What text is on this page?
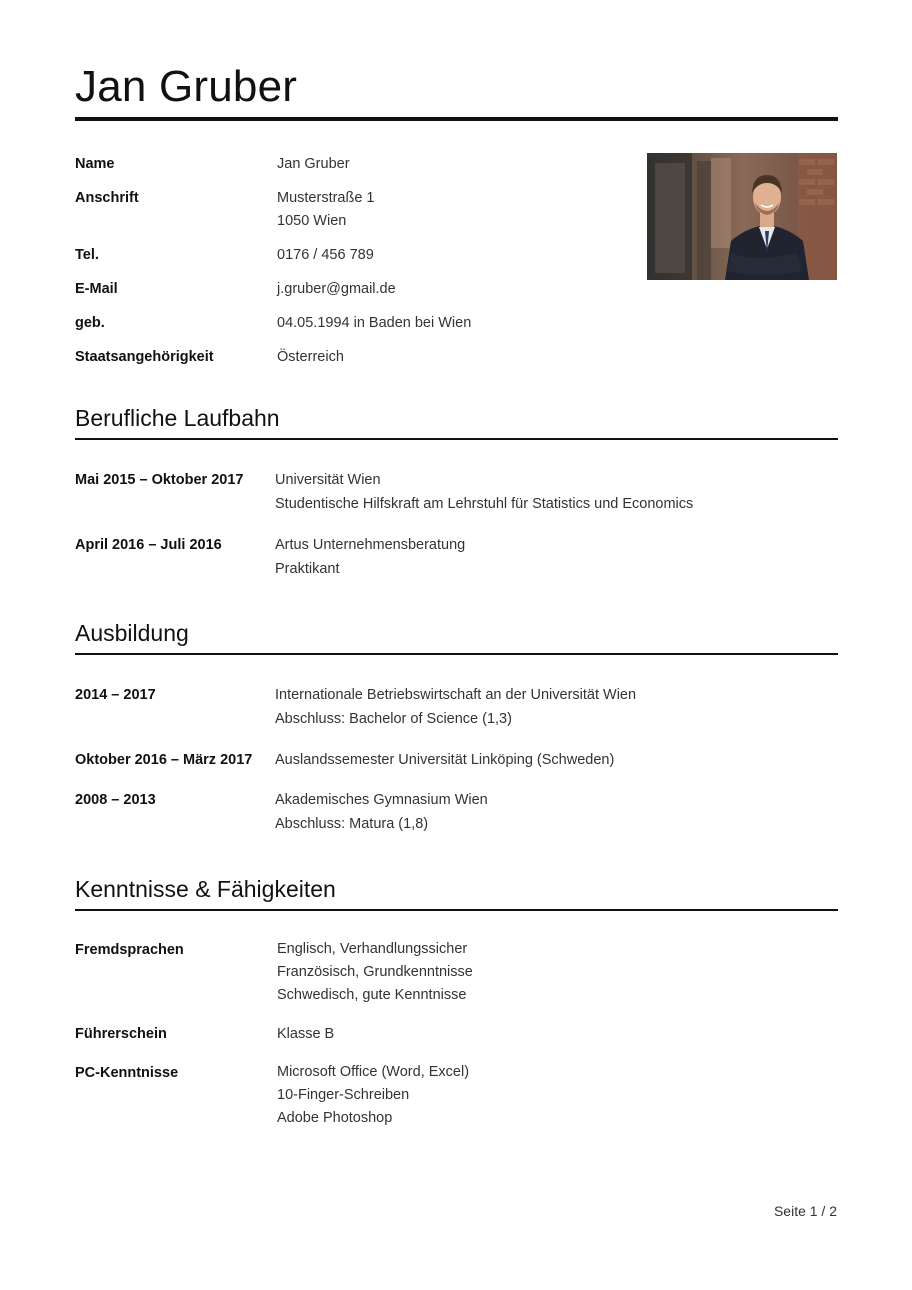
Jan Gruber
Name	Jan Gruber
Anschrift	Musterstraße 1
1050 Wien
Tel.	0176 / 456 789
E-Mail	j.gruber@gmail.de
geb.	04.05.1994 in Baden bei Wien
Staatsangehörigkeit	Österreich
Berufliche Laufbahn
Mai 2015 – Oktober 2017 Universität Wien
Studentische Hilfskraft am Lehrstuhl für Statistics und Economics
April 2016 – Juli 2016	Artus Unternehmensberatung
Praktikant
Ausbildung
2014 – 2017	Internationale Betriebswirtschaft an der Universität Wien
Abschluss: Bachelor of Science (1,3)
Oktober 2016 – März 2017 Auslandssemester Universität Linköping (Schweden)
2008 – 2013	Akademisches Gymnasium Wien
Abschluss: Matura (1,8)
Kenntnisse & Fähigkeiten
Fremdsprachen	Englisch, Verhandlungssicher
Französisch, Grundkenntnisse
Schwedisch, gute Kenntnisse
Führerschein	Klasse B
PC-Kenntnisse	Microsoft Office (Word, Excel)
10-Finger-Schreiben
Adobe Photoshop
Seite 1 / 2
